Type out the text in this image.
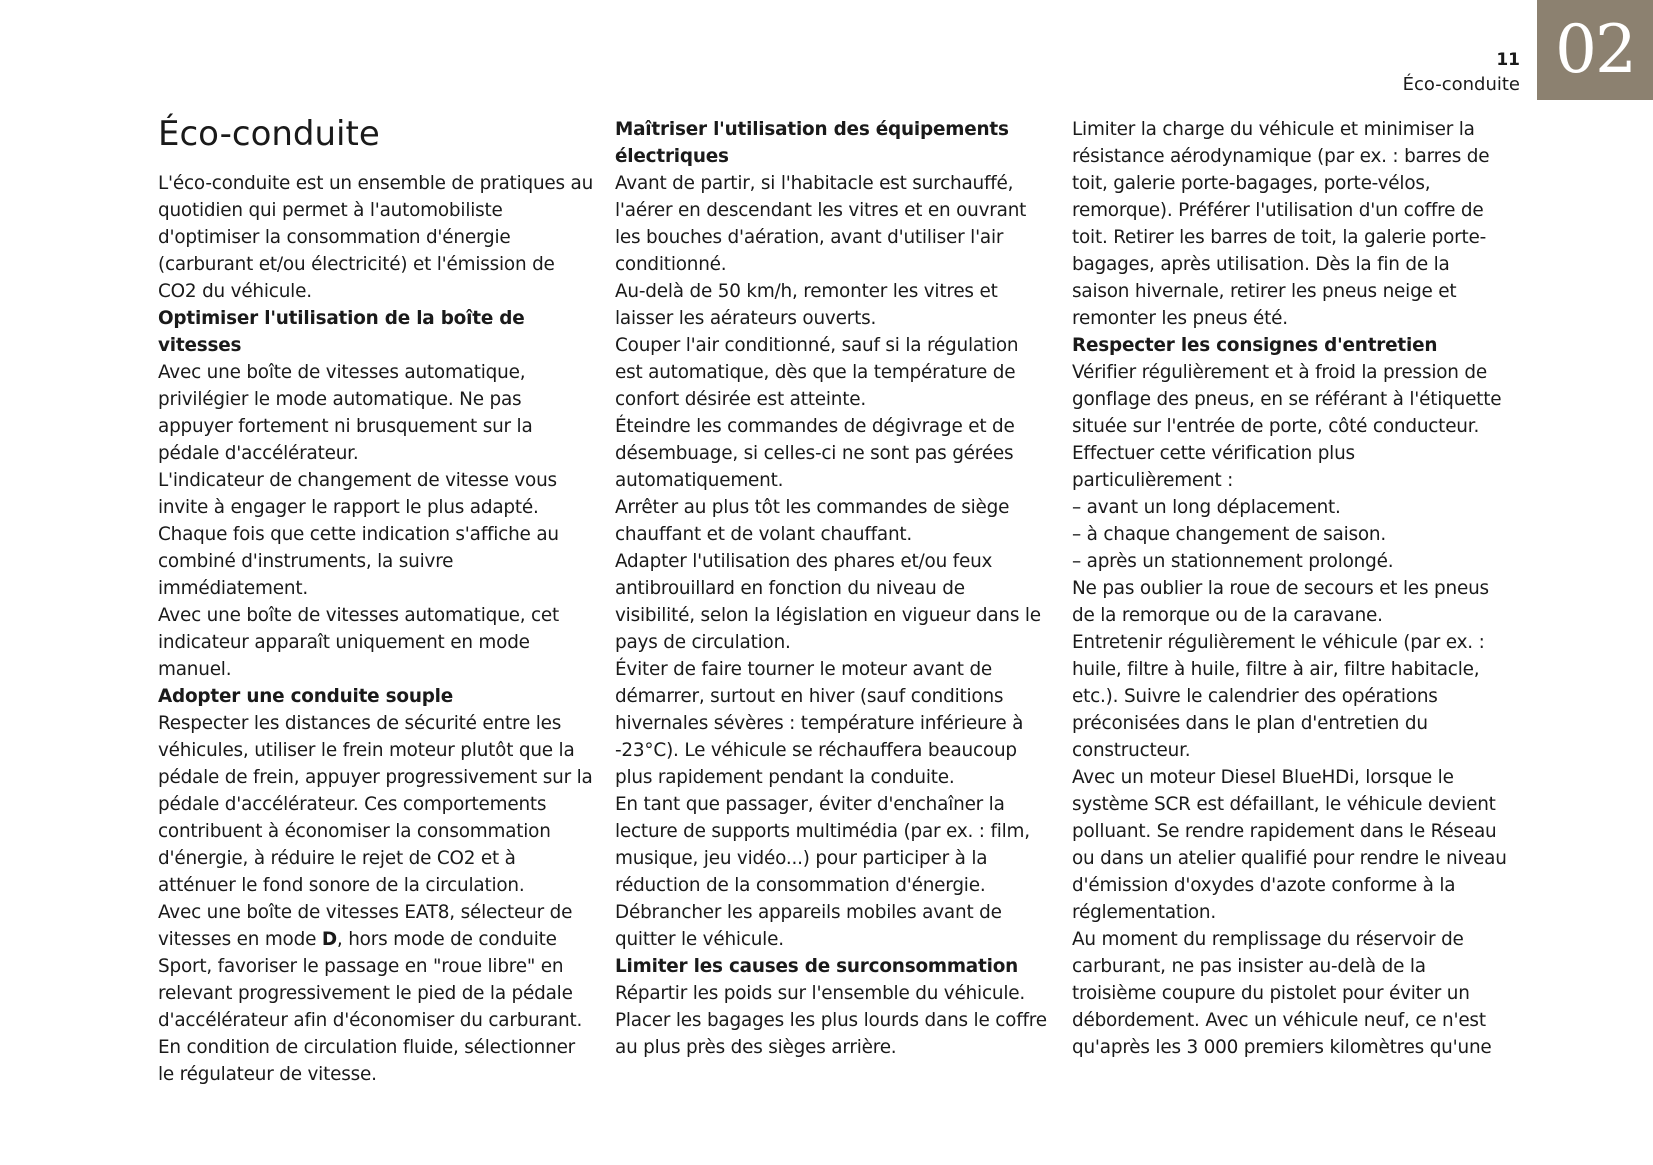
02
11
Éco-conduite
Éco-conduite

L'éco-conduite est un ensemble de pratiques au quotidien qui permet à l'automobiliste d'optimiser la consommation d'énergie (carburant et/ou électricité) et l'émission de CO2 du véhicule.

Optimiser l'utilisation de la boîte de vitesses

Avec une boîte de vitesses automatique, privilégier le mode automatique. Ne pas appuyer fortement ni brusquement sur la pédale d'accélérateur.

L'indicateur de changement de vitesse vous invite à engager le rapport le plus adapté. Chaque fois que cette indication s'affiche au combiné d'instruments, la suivre immédiatement.

Avec une boîte de vitesses automatique, cet indicateur apparaît uniquement en mode manuel.

Adopter une conduite souple

Respecter les distances de sécurité entre les véhicules, utiliser le frein moteur plutôt que la pédale de frein, appuyer progressivement sur la pédale d'accélérateur. Ces comportements contribuent à économiser la consommation d'énergie, à réduire le rejet de CO2 et à atténuer le fond sonore de la circulation.

Avec une boîte de vitesses EAT8, sélecteur de vitesses en mode D, hors mode de conduite Sport, favoriser le passage en "roue libre" en relevant progressivement le pied de la pédale d'accélérateur afin d'économiser du carburant.

En condition de circulation fluide, sélectionner le régulateur de vitesse.

Maîtriser l'utilisation des équipements électriques

Avant de partir, si l'habitacle est surchauffé, l'aérer en descendant les vitres et en ouvrant les bouches d'aération, avant d'utiliser l'air conditionné.

Au-delà de 50 km/h, remonter les vitres et laisser les aérateurs ouverts.

Couper l'air conditionné, sauf si la régulation est automatique, dès que la température de confort désirée est atteinte.

Éteindre les commandes de dégivrage et de désembuage, si celles-ci ne sont pas gérées automatiquement.

Arrêter au plus tôt les commandes de siège chauffant et de volant chauffant.

Adapter l'utilisation des phares et/ou feux antibrouillard en fonction du niveau de visibilité, selon la législation en vigueur dans le pays de circulation.

Éviter de faire tourner le moteur avant de démarrer, surtout en hiver (sauf conditions hivernales sévères : température inférieure à -23°C). Le véhicule se réchauffera beaucoup plus rapidement pendant la conduite.

En tant que passager, éviter d'enchaîner la lecture de supports multimédia (par ex. : film, musique, jeu vidéo...) pour participer à la réduction de la consommation d'énergie.

Débrancher les appareils mobiles avant de quitter le véhicule.

Limiter les causes de surconsommation

Répartir les poids sur l'ensemble du véhicule. Placer les bagages les plus lourds dans le coffre au plus près des sièges arrière.

Limiter la charge du véhicule et minimiser la résistance aérodynamique (par ex. : barres de toit, galerie porte-bagages, porte-vélos, remorque). Préférer l'utilisation d'un coffre de toit. Retirer les barres de toit, la galerie porte-bagages, après utilisation. Dès la fin de la saison hivernale, retirer les pneus neige et remonter les pneus été.

Respecter les consignes d'entretien

Vérifier régulièrement et à froid la pression de gonflage des pneus, en se référant à l'étiquette située sur l'entrée de porte, côté conducteur.

Effectuer cette vérification plus particulièrement :

– avant un long déplacement.

– à chaque changement de saison.

– après un stationnement prolongé.

Ne pas oublier la roue de secours et les pneus de la remorque ou de la caravane.

Entretenir régulièrement le véhicule (par ex. : huile, filtre à huile, filtre à air, filtre habitacle, etc.). Suivre le calendrier des opérations préconisées dans le plan d'entretien du constructeur.

Avec un moteur Diesel BlueHDi, lorsque le système SCR est défaillant, le véhicule devient polluant. Se rendre rapidement dans le Réseau ou dans un atelier qualifié pour rendre le niveau d'émission d'oxydes d'azote conforme à la réglementation.

Au moment du remplissage du réservoir de carburant, ne pas insister au-delà de la troisième coupure du pistolet pour éviter un débordement. Avec un véhicule neuf, ce n'est qu'après les 3 000 premiers kilomètres qu'une
